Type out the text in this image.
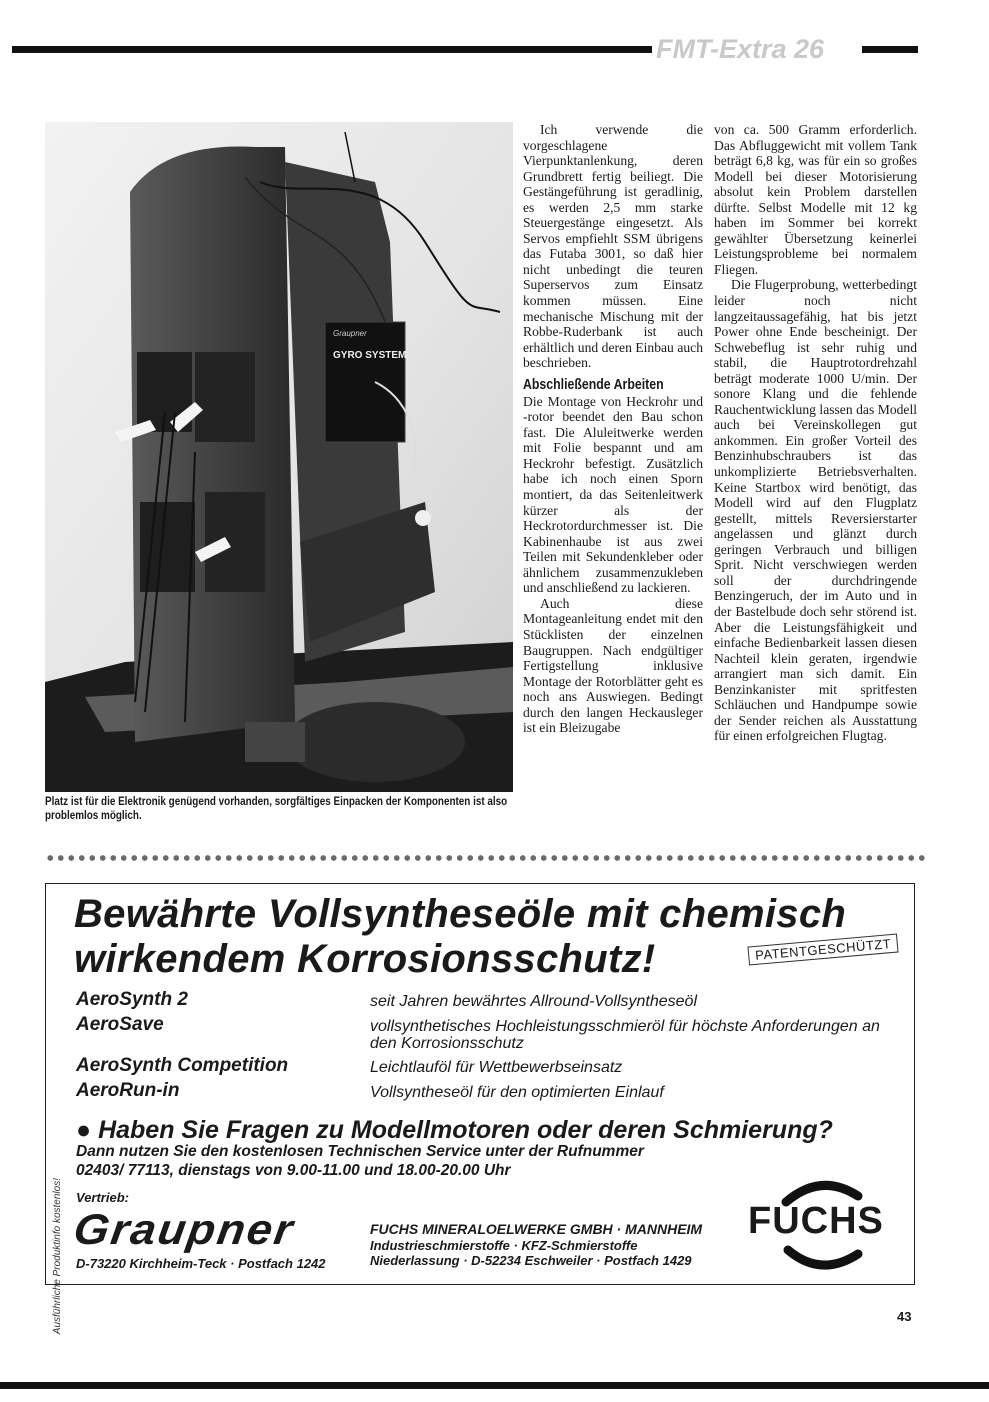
FMT-Extra 26
GYRO SYSTEM
Graupner
Platz ist für die Elektronik genügend vorhanden, sorgfältiges Einpacken der Komponenten ist also problemlos möglich.

Ich verwende die vorgeschlagene Vierpunktanlenkung, deren Grundbrett fertig beiliegt. Die Gestängeführung ist geradlinig, es werden 2,5 mm starke Steuergestänge eingesetzt. Als Servos empfiehlt SSM übrigens das Futaba 3001, so daß hier nicht unbedingt die teuren Superservos zum Einsatz kommen müssen. Eine mechanische Mischung mit der Robbe-Ruderbank ist auch erhältlich und deren Einbau auch beschrieben.

Abschließende Arbeiten

Die Montage von Heckrohr und -rotor beendet den Bau schon fast. Die Aluleitwerke werden mit Folie bespannt und am Heckrohr befestigt. Zusätzlich habe ich noch einen Sporn montiert, da das Seitenleitwerk kürzer als der Heckrotordurchmesser ist. Die Kabinenhaube ist aus zwei Teilen mit Sekundenkleber oder ähnlichem zusammenzukleben und anschließend zu lackieren.

Auch diese Montageanleitung endet mit den Stücklisten der einzelnen Baugruppen. Nach endgültiger Fertigstellung inklusive Montage der Rotorblätter geht es noch ans Auswiegen. Bedingt durch den langen Heckausleger ist ein Bleizugabe

von ca. 500 Gramm erforderlich. Das Abfluggewicht mit vollem Tank beträgt 6,8 kg, was für ein so großes Modell bei dieser Motorisierung absolut kein Problem darstellen dürfte. Selbst Modelle mit 12 kg haben im Sommer bei korrekt gewählter Übersetzung keinerlei Leistungsprobleme bei normalem Fliegen.

Die Flugerprobung, wetterbedingt leider noch nicht langzeitaussagefähig, hat bis jetzt Power ohne Ende bescheinigt. Der Schwebeflug ist sehr ruhig und stabil, die Hauptrotordrehzahl beträgt moderate 1000 U/min. Der sonore Klang und die fehlende Rauchentwicklung lassen das Modell auch bei Vereinskollegen gut ankommen. Ein großer Vorteil des Benzinhubschraubers ist das unkomplizierte Betriebsverhalten. Keine Startbox wird benötigt, das Modell wird auf den Flugplatz gestellt, mittels Reversierstarter angelassen und glänzt durch geringen Verbrauch und billigen Sprit. Nicht verschwiegen werden soll der durchdringende Benzingeruch, der im Auto und in der Bastelbude doch sehr störend ist. Aber die Leistungsfähigkeit und einfache Bedienbarkeit lassen diesen Nachteil klein geraten, irgendwie arrangiert man sich damit. Ein Benzinkanister mit spritfesten Schläuchen und Handpumpe sowie der Sender reichen als Ausstattung für einen erfolgreichen Flugtag.

Bewährte Vollsyntheseöle mit chemisch
wirkendem Korrosionsschutz!	PATENTGESCHÜTZT
AeroSynth 2	seit Jahren bewährtes Allround-Vollsyntheseöl
AeroSave	vollsynthetisches Hochleistungsschmieröl für höchste Anforderungen an den Korrosionsschutz
AeroSynth Competition	Leichtlauföl für Wettbewerbseinsatz
AeroRun-in	Vollsyntheseöl für den optimierten Einlauf
Ausführliche Produktinfo kostenlos!
● Haben Sie Fragen zu Modellmotoren oder deren Schmierung?
Dann nutzen Sie den kostenlosen Technischen Service unter der Rufnummer
02403/ 77113, dienstags von 9.00-11.00 und 18.00-20.00 Uhr
Vertrieb:
Graupner
D-73220 Kirchheim-Teck · Postfach 1242
FUCHS MINERALOELWERKE GMBH · MANNHEIM
Industrieschmierstoffe · KFZ-Schmierstoffe
Niederlassung · D-52234 Eschweiler · Postfach 1429
FUCHS
43
